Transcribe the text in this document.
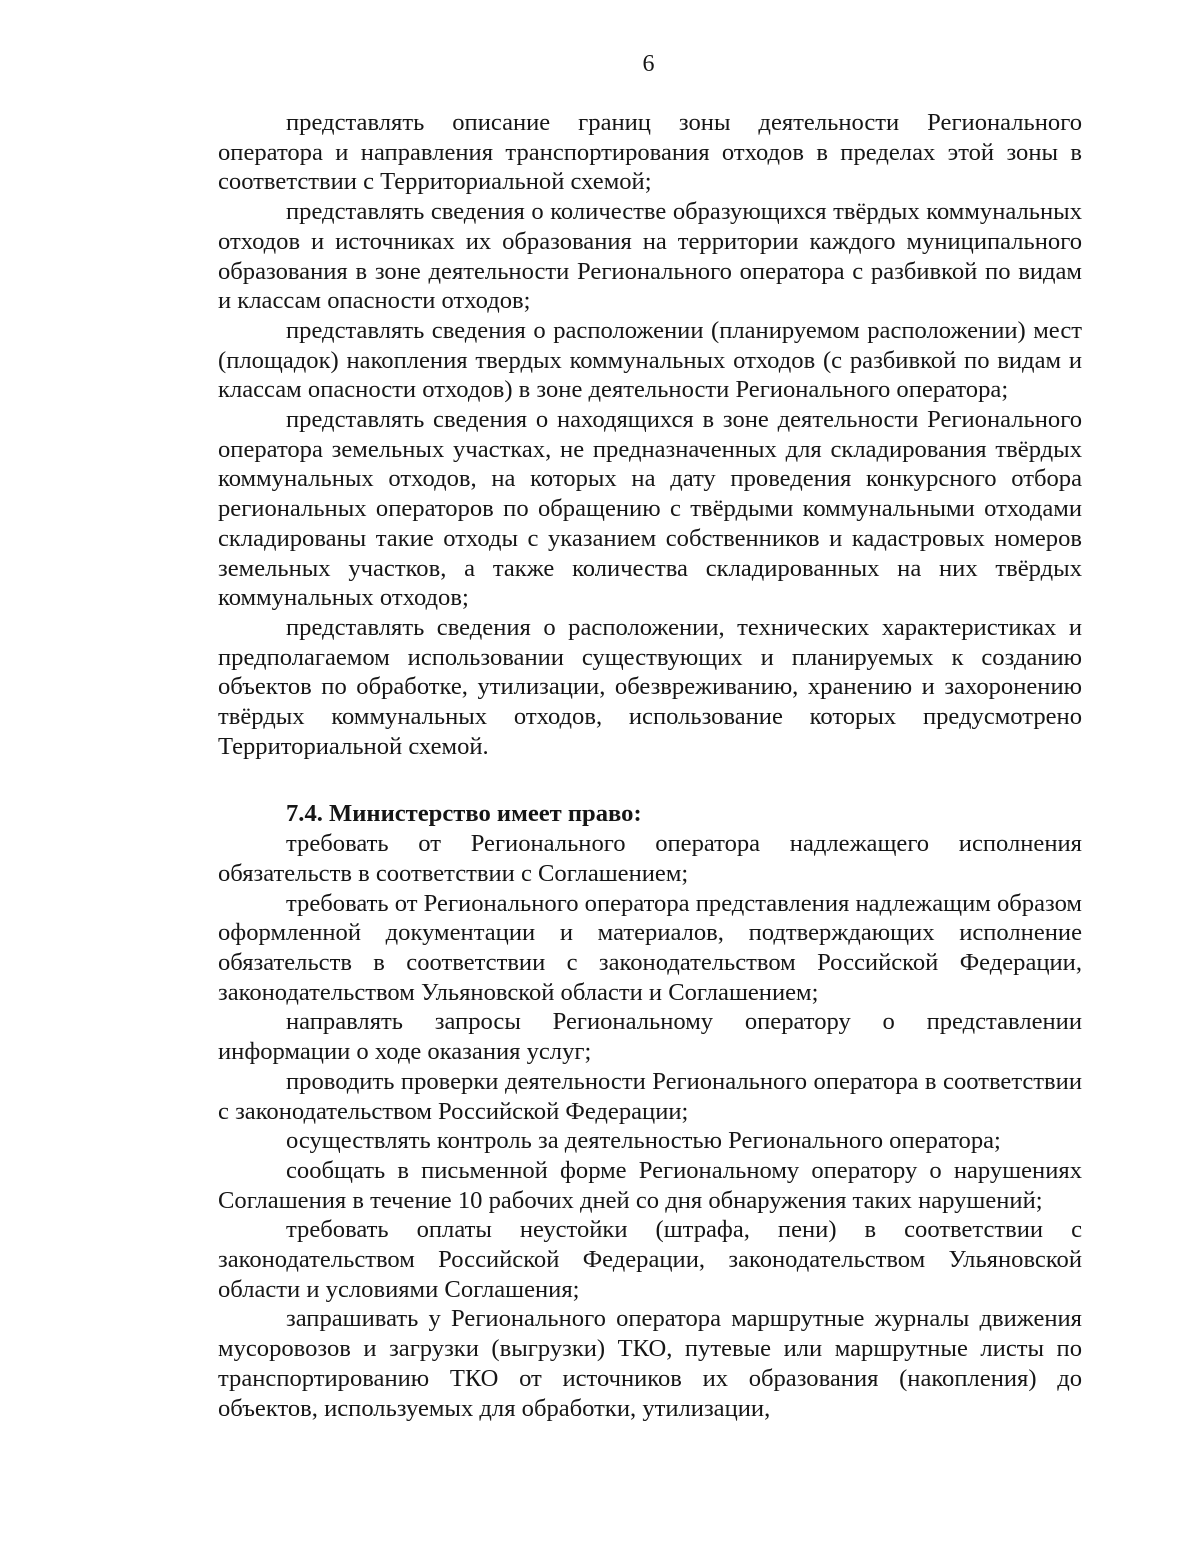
6

представлять описание границ зоны деятельности Регионального оператора и направления транспортирования отходов в пределах этой зоны в соответствии с Территориальной схемой;

представлять сведения о количестве образующихся твёрдых коммунальных отходов и источниках их образования на территории каждого муниципального образования в зоне деятельности Регионального оператора с разбивкой по видам и классам опасности отходов;

представлять сведения о расположении (планируемом расположении) мест (площадок) накопления твердых коммунальных отходов (с разбивкой по видам и классам опасности отходов) в зоне деятельности Регионального оператора;

представлять сведения о находящихся в зоне деятельности Регионального оператора земельных участках, не предназначенных для складирования твёрдых коммунальных отходов, на которых на дату проведения конкурсного отбора региональных операторов по обращению с твёрдыми коммунальными отходами складированы такие отходы с указанием собственников и кадастровых номеров земельных участков, а также количества складированных на них твёрдых коммунальных отходов;

представлять сведения о расположении, технических характеристиках и предполагаемом использовании существующих и планируемых к созданию объектов по обработке, утилизации, обезвреживанию, хранению и захоронению твёрдых коммунальных отходов, использование которых предусмотрено Территориальной схемой.

7.4. Министерство имеет право:

требовать от Регионального оператора надлежащего исполнения обязательств в соответствии с Соглашением;

требовать от Регионального оператора представления надлежащим образом оформленной документации и материалов, подтверждающих исполнение обязательств в соответствии с законодательством Российской Федерации, законодательством Ульяновской области и Соглашением;

направлять запросы Региональному оператору о представлении информации о ходе оказания услуг;

проводить проверки деятельности Регионального оператора в соответствии с законодательством Российской Федерации;

осуществлять контроль за деятельностью Регионального оператора;

сообщать в письменной форме Региональному оператору о нарушениях Соглашения в течение 10 рабочих дней со дня обнаружения таких нарушений;

требовать оплаты неустойки (штрафа, пени) в соответствии с законодательством Российской Федерации, законодательством Ульяновской области и условиями Соглашения;

запрашивать у Регионального оператора маршрутные журналы движения мусоровозов и загрузки (выгрузки) ТКО, путевые или маршрутные листы по транспортированию ТКО от источников их образования (накопления) до объектов, используемых для обработки, утилизации,
